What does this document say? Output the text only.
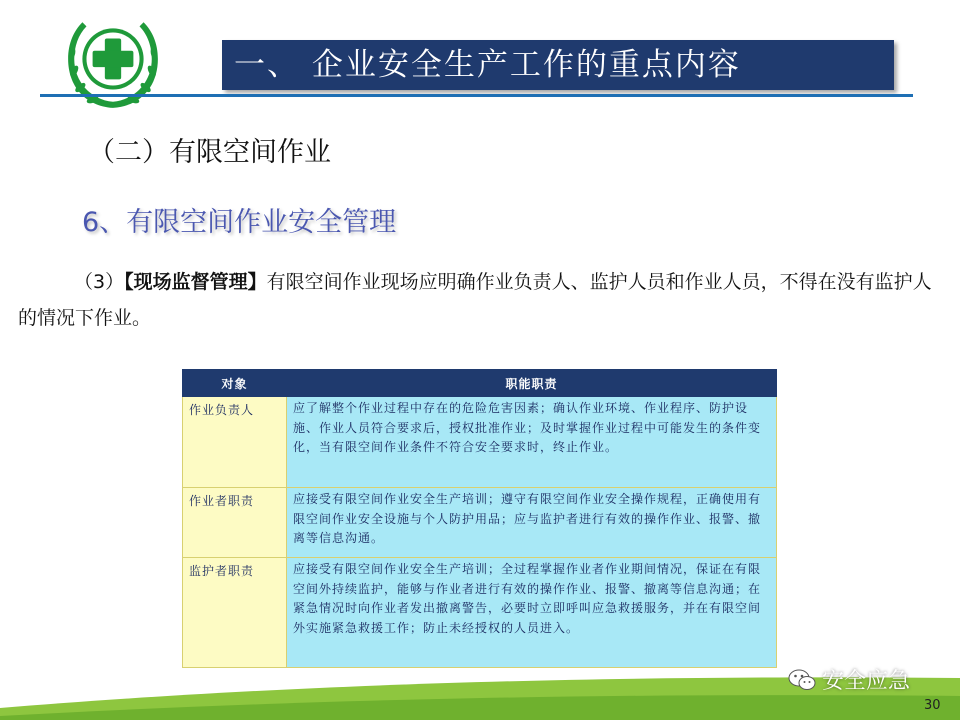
一、 企业安全生产工作的重点内容
（二）有限空间作业
6、有限空间作业安全管理

（3）【现场监督管理】有限空间作业现场应明确作业负责人、监护人员和作业人员，不得在没有监护人的情况下作业。

对象	职能职责
作业负责人	应了解整个作业过程中存在的危险危害因素；确认作业环境、作业程序、防护设施、作业人员符合要求后，授权批准作业；及时掌握作业过程中可能发生的条件变化，当有限空间作业条件不符合安全要求时，终止作业。
作业者职责	应接受有限空间作业安全生产培训；遵守有限空间作业安全操作规程，正确使用有限空间作业安全设施与个人防护用品；应与监护者进行有效的操作作业、报警、撤离等信息沟通。
监护者职责	应接受有限空间作业安全生产培训；全过程掌握作业者作业期间情况，保证在有限空间外持续监护，能够与作业者进行有效的操作作业、报警、撤离等信息沟通；在紧急情况时向作业者发出撤离警告，必要时立即呼叫应急救援服务，并在有限空间外实施紧急救援工作；防止未经授权的人员进入。
安全应急
30
